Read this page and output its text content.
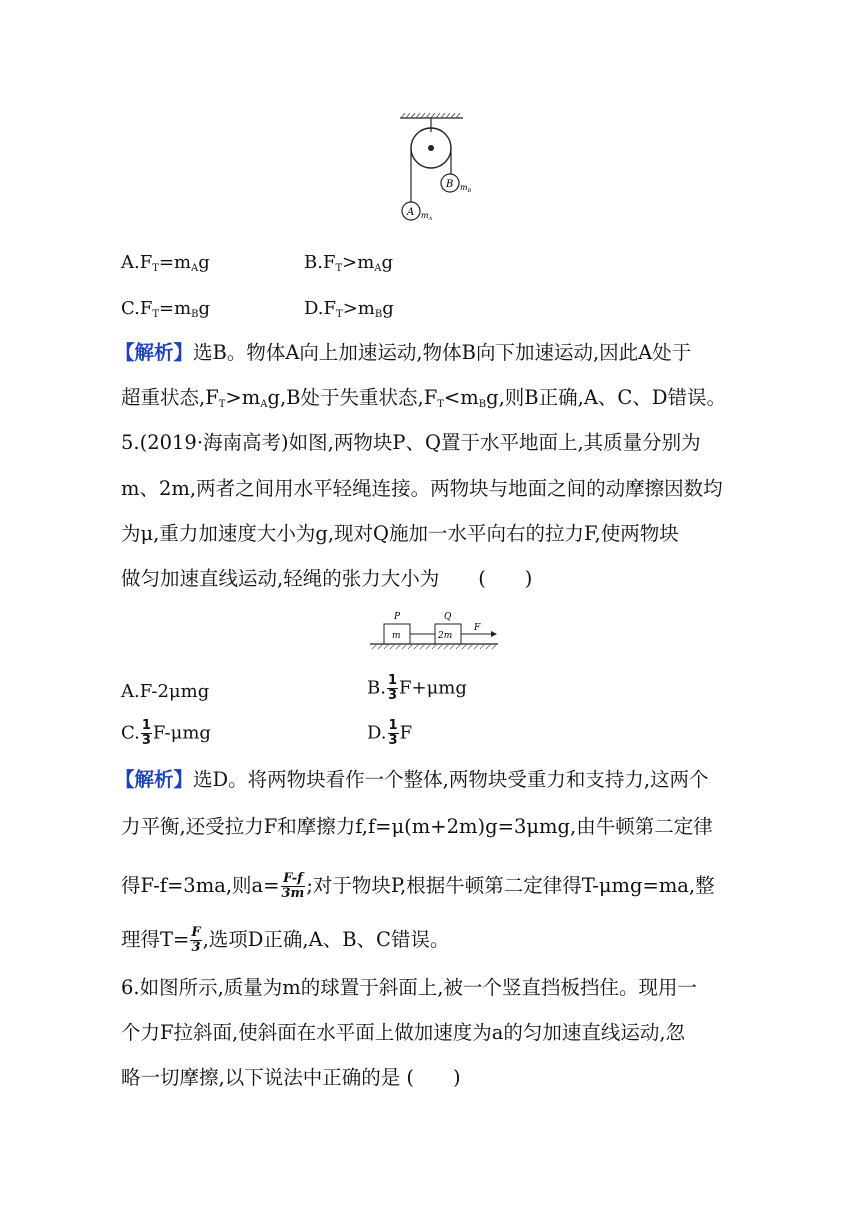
B $m_B$
A $m_A$
$A.F_T=m_Ag$	$B.F_T>m_Ag$
$C.F_T=m_Bg$	$D.F_T>m_Bg$
【解析】选B。物体A向上加速运动,物体B向下加速运动,因此A处于
超重状态$,F_T>m_Ag,B$处于失重状态$,F_T<m_Bg$,则B正确,A、C、D错误。
5.(2019·海南高考)如图,两物块P、Q置于水平地面上,其质量分别为
m、2m,两者之间用水平轻绳连接。两物块与地面之间的动摩擦因数均
为μ,重力加速度大小为g,现对Q施加一水平向右的拉力F,使两物块
做匀加速直线运动,轻绳的张力大小为　　(　　)
P	Q
m	2m
F
A.F-2μmg	B. $\frac{1}{3} F+\mu mg$
C. $\frac{1}{3} F-\mu mg$	D. $\frac{1}{3}$ F
【解析】选D。将两物块看作一个整体,两物块受重力和支持力,这两个
力平衡,还受拉力F和摩擦力f,f=μ(m+2m)g=3μmg,由牛顿第二定律
得F-f=3ma,则$a= \frac{F-f}{3m}$ ;对于物块P,根据牛顿第二定律得T-μmg=ma,整
理得$T= \frac{F}{3}$ ,选项D正确,A、B、C错误。
6.如图所示,质量为m的球置于斜面上,被一个竖直挡板挡住。现用一
个力F拉斜面,使斜面在水平面上做加速度为a的匀加速直线运动,忽
略一切摩擦,以下说法中正确的是 (　　)
